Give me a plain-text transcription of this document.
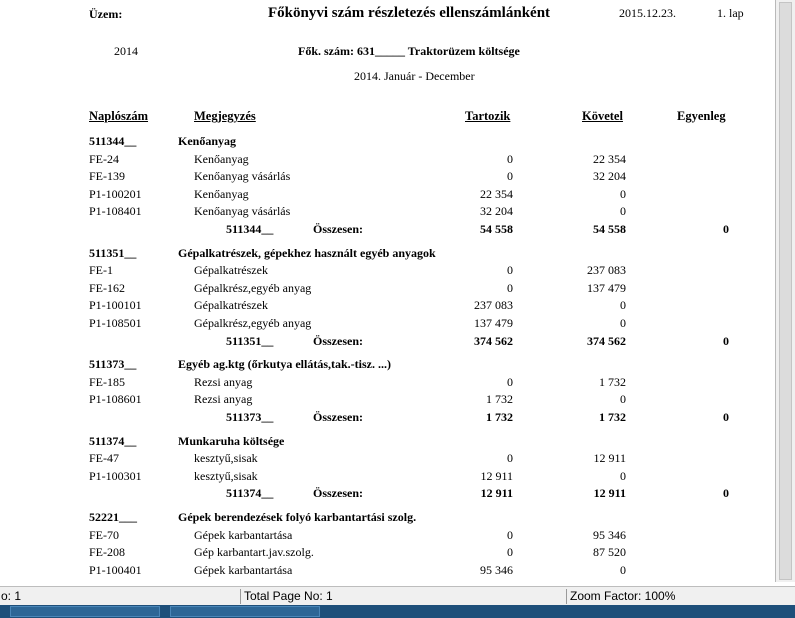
Üzem:	Főkönyvi szám részletezés ellenszámlánként	2015.12.23.	1. lap
2014	Fők. szám: 631_____ Traktorüzem költsége
2014. Január - December
Naplószám	Megjegyzés	Tartozik	Követel	Egyenleg
511344__	Kenőanyag
FE-24	Kenőanyag	0	22 354
FE-139	Kenőanyag vásárlás	0	32 204
P1-100201	Kenőanyag	22 354	0
P1-108401	Kenőanyag vásárlás	32 204	0
511344__	Összesen:	54 558	54 558	0
511351__	Gépalkatrészek, gépekhez használt egyéb anyagok
FE-1	Gépalkatrészek	0	237 083
FE-162	Gépalkrész,egyéb anyag	0	137 479
P1-100101	Gépalkatrészek	237 083	0
P1-108501	Gépalkrész,egyéb anyag	137 479	0
511351__	Összesen:	374 562	374 562	0
511373__	Egyéb ag.ktg (őrkutya ellátás,tak.-tisz. ...)
FE-185	Rezsi anyag	0	1 732
P1-108601	Rezsi anyag	1 732	0
511373__	Összesen:	1 732	1 732	0
511374__	Munkaruha költsége
FE-47	kesztyű,sisak	0	12 911
P1-100301	kesztyű,sisak	12 911	0
511374__	Összesen:	12 911	12 911	0
52221___	Gépek berendezések folyó karbantartási szolg.
FE-70	Gépek karbantartása	0	95 346
FE-208	Gép karbantart.jav.szolg.	0	87 520
P1-100401	Gépek karbantartása	95 346	0
o: 1	Total Page No: 1	Zoom Factor: 100%
